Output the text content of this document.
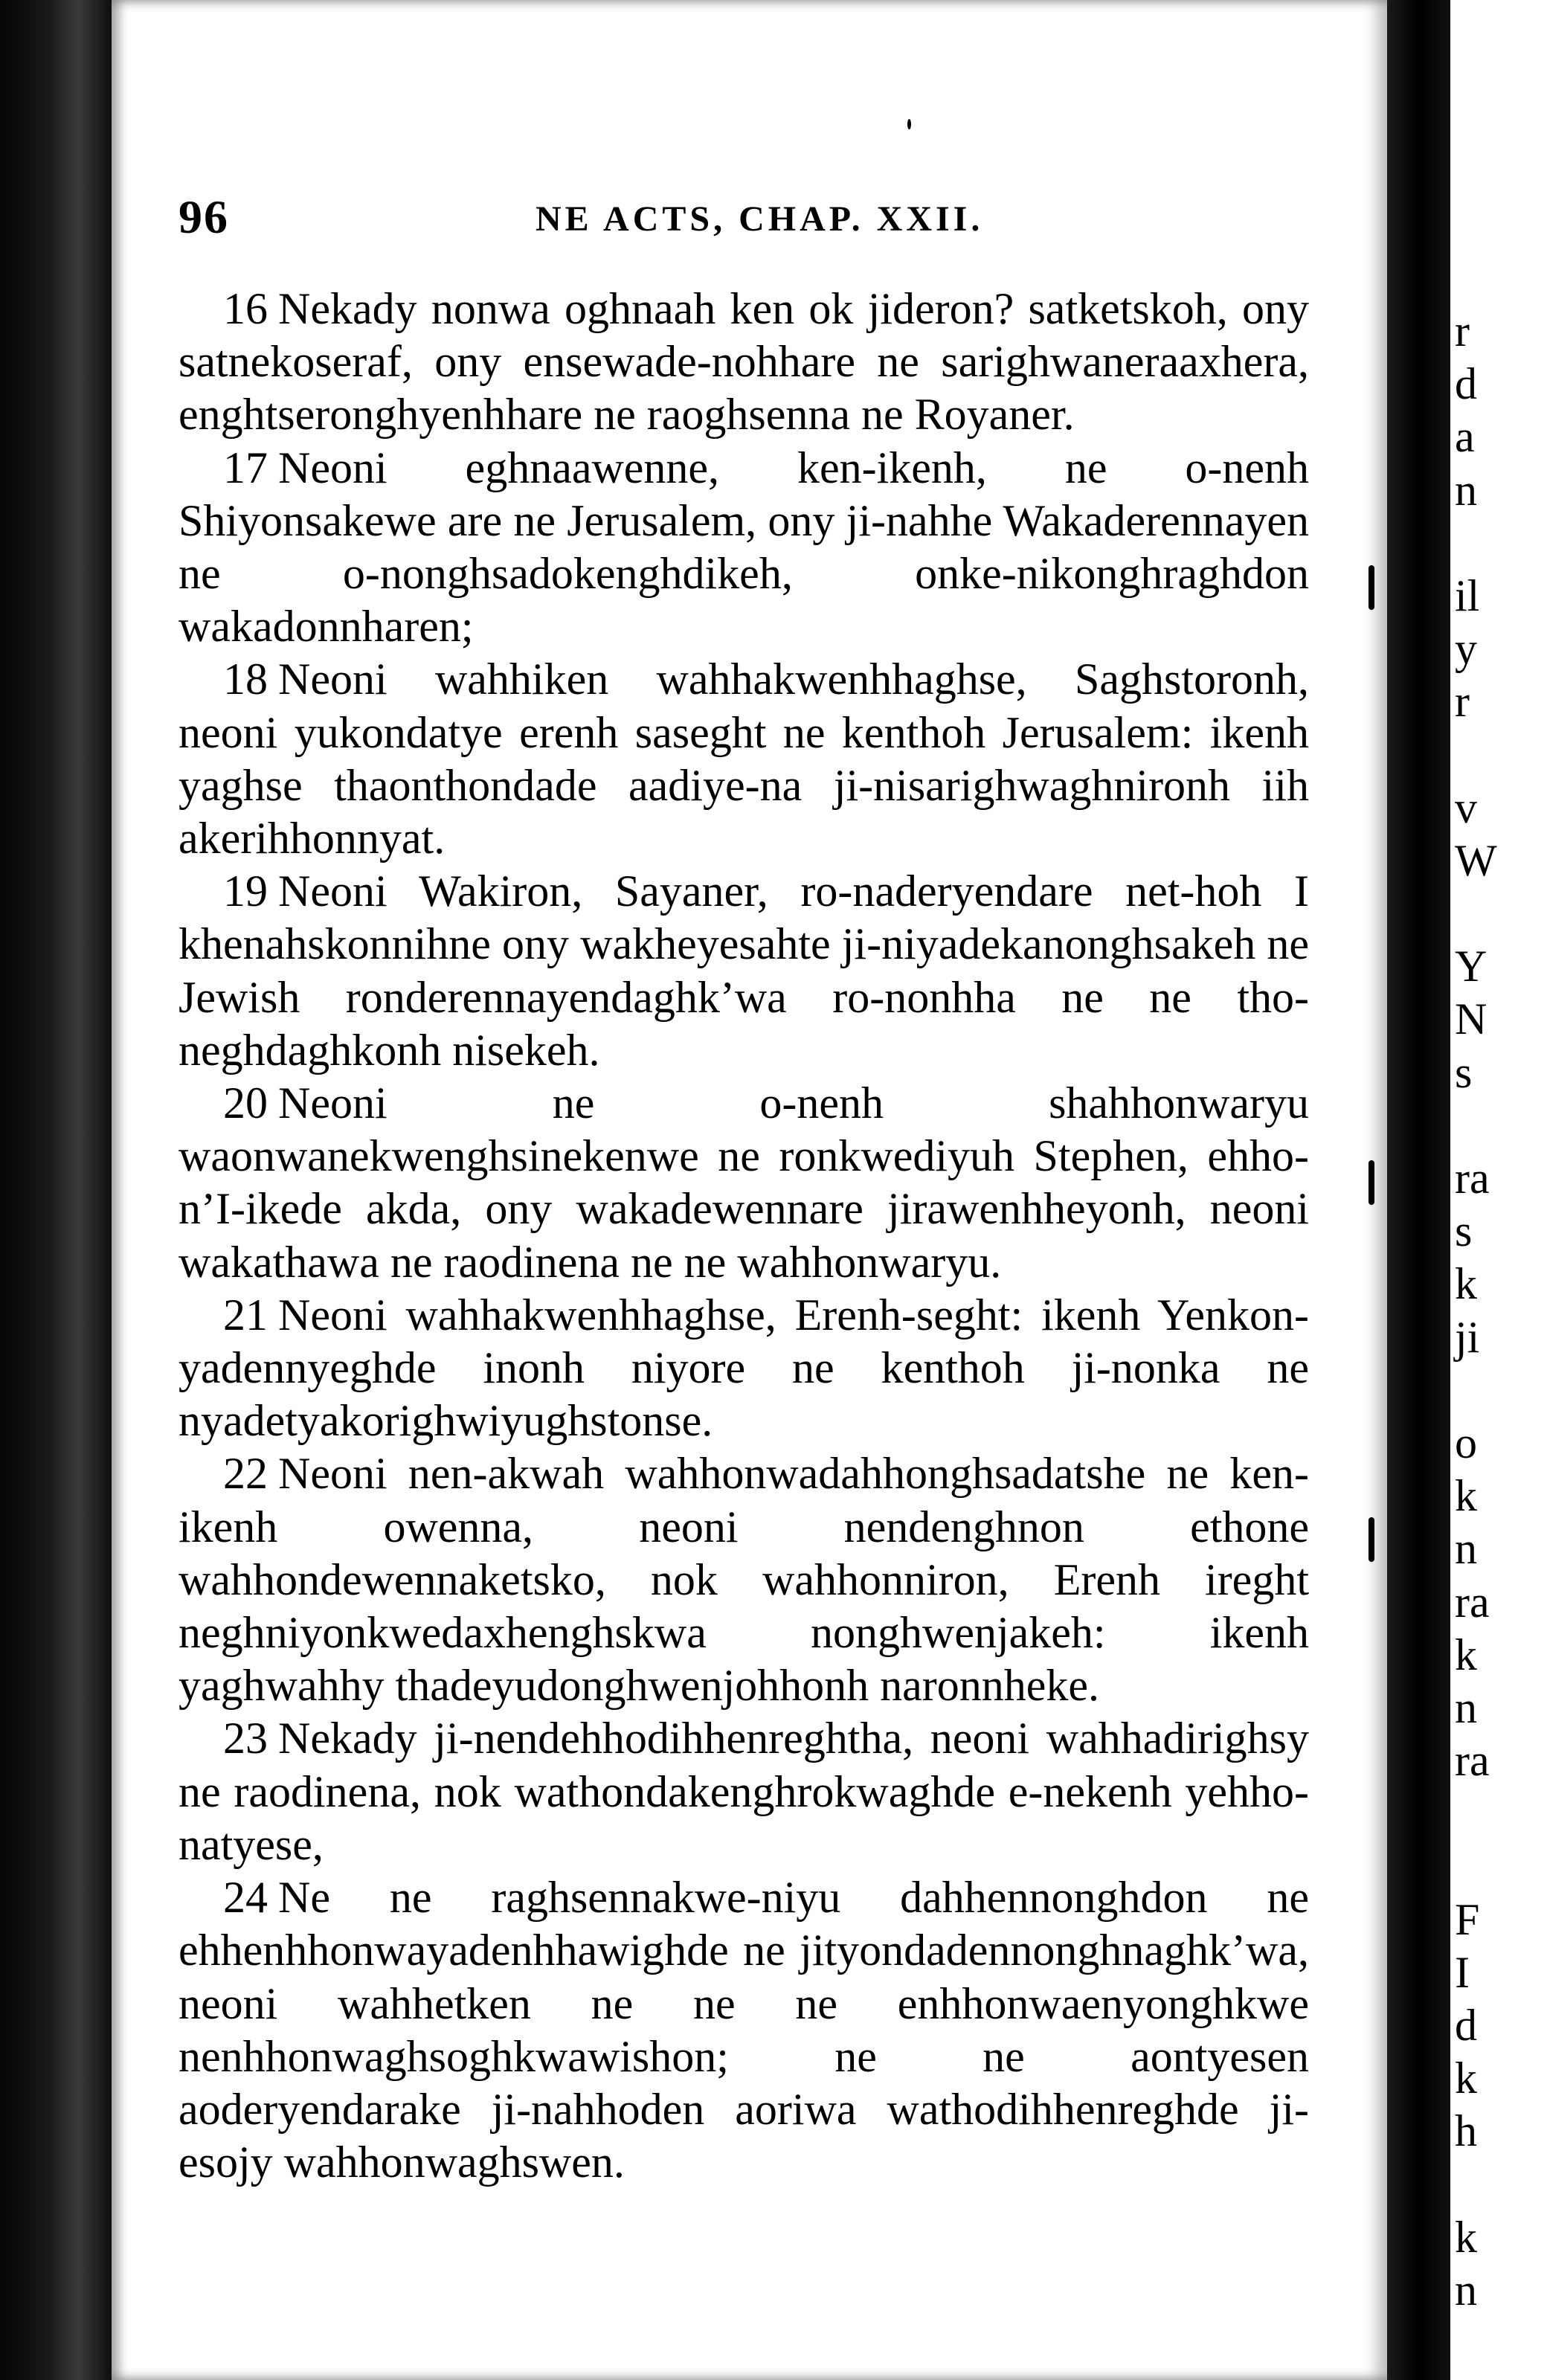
96	NE ACTS, CHAP. XXII.

16 Nekady nonwa oghnaah ken ok jideron? satketskoh, ony satnekoseraf, ony ensewade-nohhare ne sarighwaneraaxhera, enghtseronghyenhhare ne raoghsenna ne Royaner.

17 Neoni eghnaawenne, ken-ikenh, ne o-nenh Shiyonsakewe are ne Jerusalem, ony ji-nahhe Wakaderennayen ne o-nonghsadokenghdikeh, onke-nikonghraghdon wakadonnharen;

18 Neoni wahhiken wahhakwenhhaghse, Saghstoronh, neoni yukondatye erenh saseght ne kenthoh Jerusalem: ikenh yaghse thaonthondade aadiye-na ji-nisarighwaghnironh iih akerihhonnyat.

19 Neoni Wakiron, Sayaner, ro-naderyendare net-hoh I khenahskonnihne ony wakheyesahte ji-niyadekanonghsakeh ne Jewish ronderennayendaghk’wa ro-nonhha ne ne tho-neghdaghkonh nisekeh.

20 Neoni ne o-nenh shahhonwaryu waonwanekwenghsinekenwe ne ronkwediyuh Stephen, ehho-n’I-ikede akda, ony wakadewennare jirawenhheyonh, neoni wakathawa ne raodinena ne ne wahhonwaryu.

21 Neoni wahhakwenhhaghse, Erenh-seght: ikenh Yenkon-yadennyeghde inonh niyore ne kenthoh ji-nonka ne nyadetyakorighwiyughstonse.

22 Neoni nen-akwah wahhonwadahhonghsadatshe ne ken-ikenh owenna, neoni nendenghnon ethone wahhondewennaketsko, nok wahhonniron, Erenh ireght neghniyonkwedaxhenghskwa nonghwenjakeh: ikenh yaghwahhy thadeyudonghwenjohhonh naronnheke.

23 Nekady ji-nendehhodihhenreghtha, neoni wahhadirighsy ne raodinena, nok wathondakenghrokwaghde e-nekenh yehho-natyese,

24 Ne ne raghsennakwe-niyu dahhennonghdon ne ehhenhhonwayadenhhawighde ne jityondadennonghnaghk’wa, neoni wahhetken ne ne ne enhhonwaenyonghkwe nenhhonwaghsoghkwawishon; ne ne aontyesen aoderyendarake ji-nahhoden aoriwa wathodihhenreghde ji-esojy wahhonwaghswen.

r
d
a
n
il
y
r
v
W
Y
N
s
ra
s
k
ji
o
k
n
ra
k
n
ra
F
I
d
k
h
k
n
